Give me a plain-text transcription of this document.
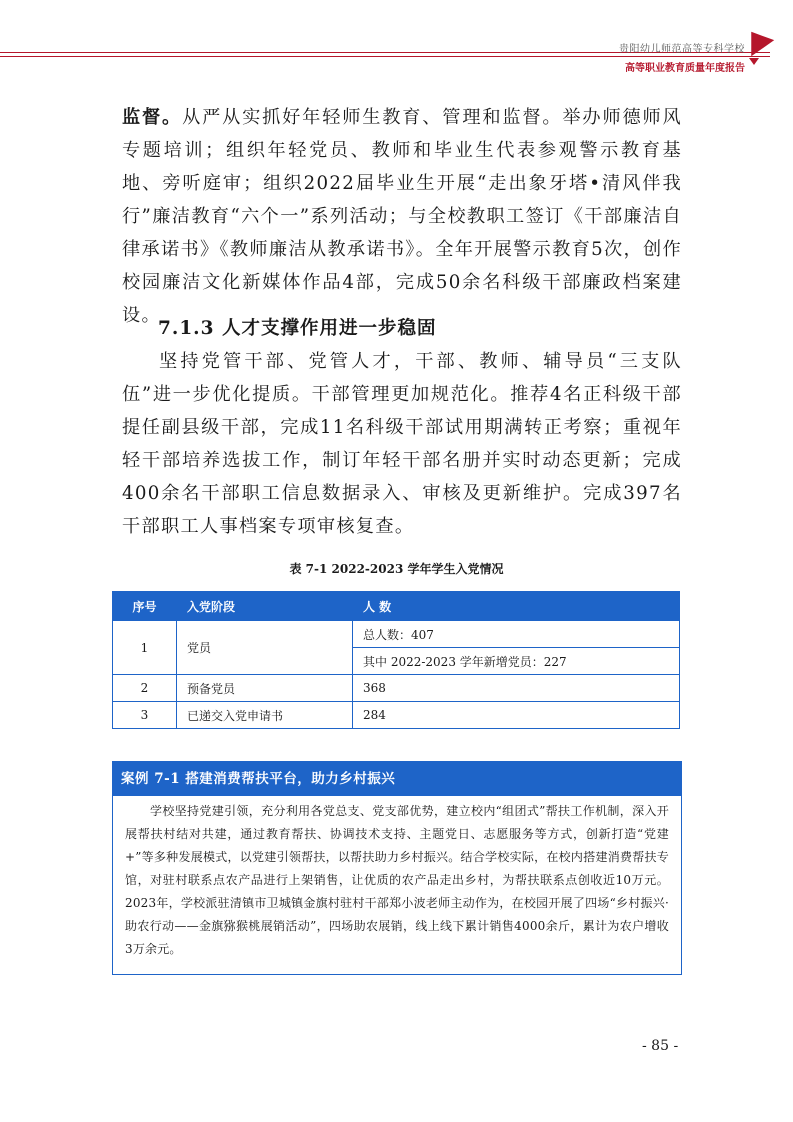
贵阳幼儿师范高等专科学校
高等职业教育质量年度报告

监督。从严从实抓好年轻师生教育、管理和监督。举办师德师风专题培训；组织年轻党员、教师和毕业生代表参观警示教育基地、旁听庭审；组织2022届毕业生开展“走出象牙塔•清风伴我行”廉洁教育“六个一”系列活动；与全校教职工签订《干部廉洁自律承诺书》《教师廉洁从教承诺书》。全年开展警示教育5次，创作校园廉洁文化新媒体作品4部，完成50余名科级干部廉政档案建设。

7.1.3 人才支撑作用进一步稳固

坚持党管干部、党管人才，干部、教师、辅导员“三支队伍”进一步优化提质。干部管理更加规范化。推荐4名正科级干部提任副县级干部，完成11名科级干部试用期满转正考察；重视年轻干部培养选拔工作，制订年轻干部名册并实时动态更新；完成400余名干部职工信息数据录入、审核及更新维护。完成397名干部职工人事档案专项审核复查。

表 7-1 2022-2023 学年学生入党情况
序号	入党阶段	人 数
1	党员	总人数：407
		其中 2022-2023 学年新增党员：227
2	预备党员	368
3	已递交入党申请书	284
案例 7-1 搭建消费帮扶平台，助力乡村振兴
学校坚持党建引领，充分利用各党总支、党支部优势，建立校内“组团式”帮扶工作机制，深入开展帮扶村结对共建，通过教育帮扶、协调技术支持、主题党日、志愿服务等方式，创新打造“党建+”等多种发展模式，以党建引领帮扶，以帮扶助力乡村振兴。结合学校实际，在校内搭建消费帮扶专馆，对驻村联系点农产品进行上架销售，让优质的农产品走出乡村，为帮扶联系点创收近10万元。2023年，学校派驻清镇市卫城镇金旗村驻村干部郑小波老师主动作为，在校园开展了四场“乡村振兴·助农行动——金旗猕猴桃展销活动”，四场助农展销，线上线下累计销售4000余斤，累计为农户增收3万余元。
- 85 -
